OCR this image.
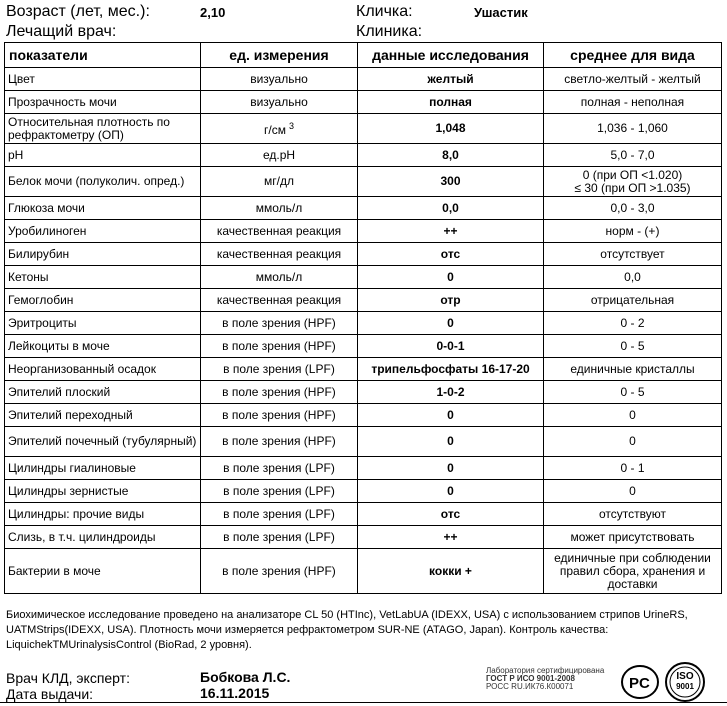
Возраст (лет, мес.):	2,10
Лечащий врач:
Кличка:	Ушастик
Клиника:
показатели	ед. измерения	данные исследования	среднее для вида
Цвет	визуально	желтый	светло-желтый - желтый
Прозрачность мочи	визуально	полная	полная - неполная
Относительная плотность по рефрактометру (ОП)	г/см $^3$	1,048	1,036 - 1,060
pH	ед.pH	8,0	5,0 - 7,0
Белок мочи (полуколич. опред.)	мг/дл	300	0 (при ОП <1.020)
≤ 30 (при ОП >1.035)
Глюкоза мочи	ммоль/л	0,0	0,0 - 3,0
Уробилиноген	качественная реакция	++	норм - (+)
Билирубин	качественная реакция	отс	отсутствует
Кетоны	ммоль/л	0	0,0
Гемоглобин	качественная реакция	отр	отрицательная
Эритроциты	в поле зрения (HPF)	0	0 - 2
Лейкоциты в моче	в поле зрения (HPF)	0-0-1	0 - 5
Неорганизованный осадок	в поле зрения (LPF)	трипельфосфаты 16-17-20	единичные кристаллы
Эпителий плоский	в поле зрения (HPF)	1-0-2	0 - 5
Эпителий переходный	в поле зрения (HPF)	0	0
Эпителий почечный (тубулярный)	в поле зрения (HPF)	0	0
Цилиндры гиалиновые	в поле зрения (LPF)	0	0 - 1
Цилиндры зернистые	в поле зрения (LPF)	0	0
Цилиндры: прочие виды	в поле зрения (LPF)	отс	отсутствуют
Слизь, в т.ч. цилиндроиды	в поле зрения (LPF)	++	может присутствовать
Бактерии в моче	в поле зрения (HPF)	кокки +	единичные при соблюдении правил сбора, хранения и доставки
Биохимическое исследование проведено на анализаторе CL 50 (HTInc), VetLabUA (IDEXX, USA) с использованием стрипов UrineRS, UATMStrips(IDEXX, USA). Плотность мочи измеряется рефрактометром SUR-NE (ATAGO, Japan). Контроль качества: LiquichekTMUrinalysisControl (BioRad, 2 уровня).
Врач КЛД, эксперт:	Бобкова Л.С.
Дата выдачи:	16.11.2015
Лаборатория сертифицирована
ГОСТ Р ИСО 9001-2008
РОСС RU.ИК76.К00071	PC	ISO
9001
